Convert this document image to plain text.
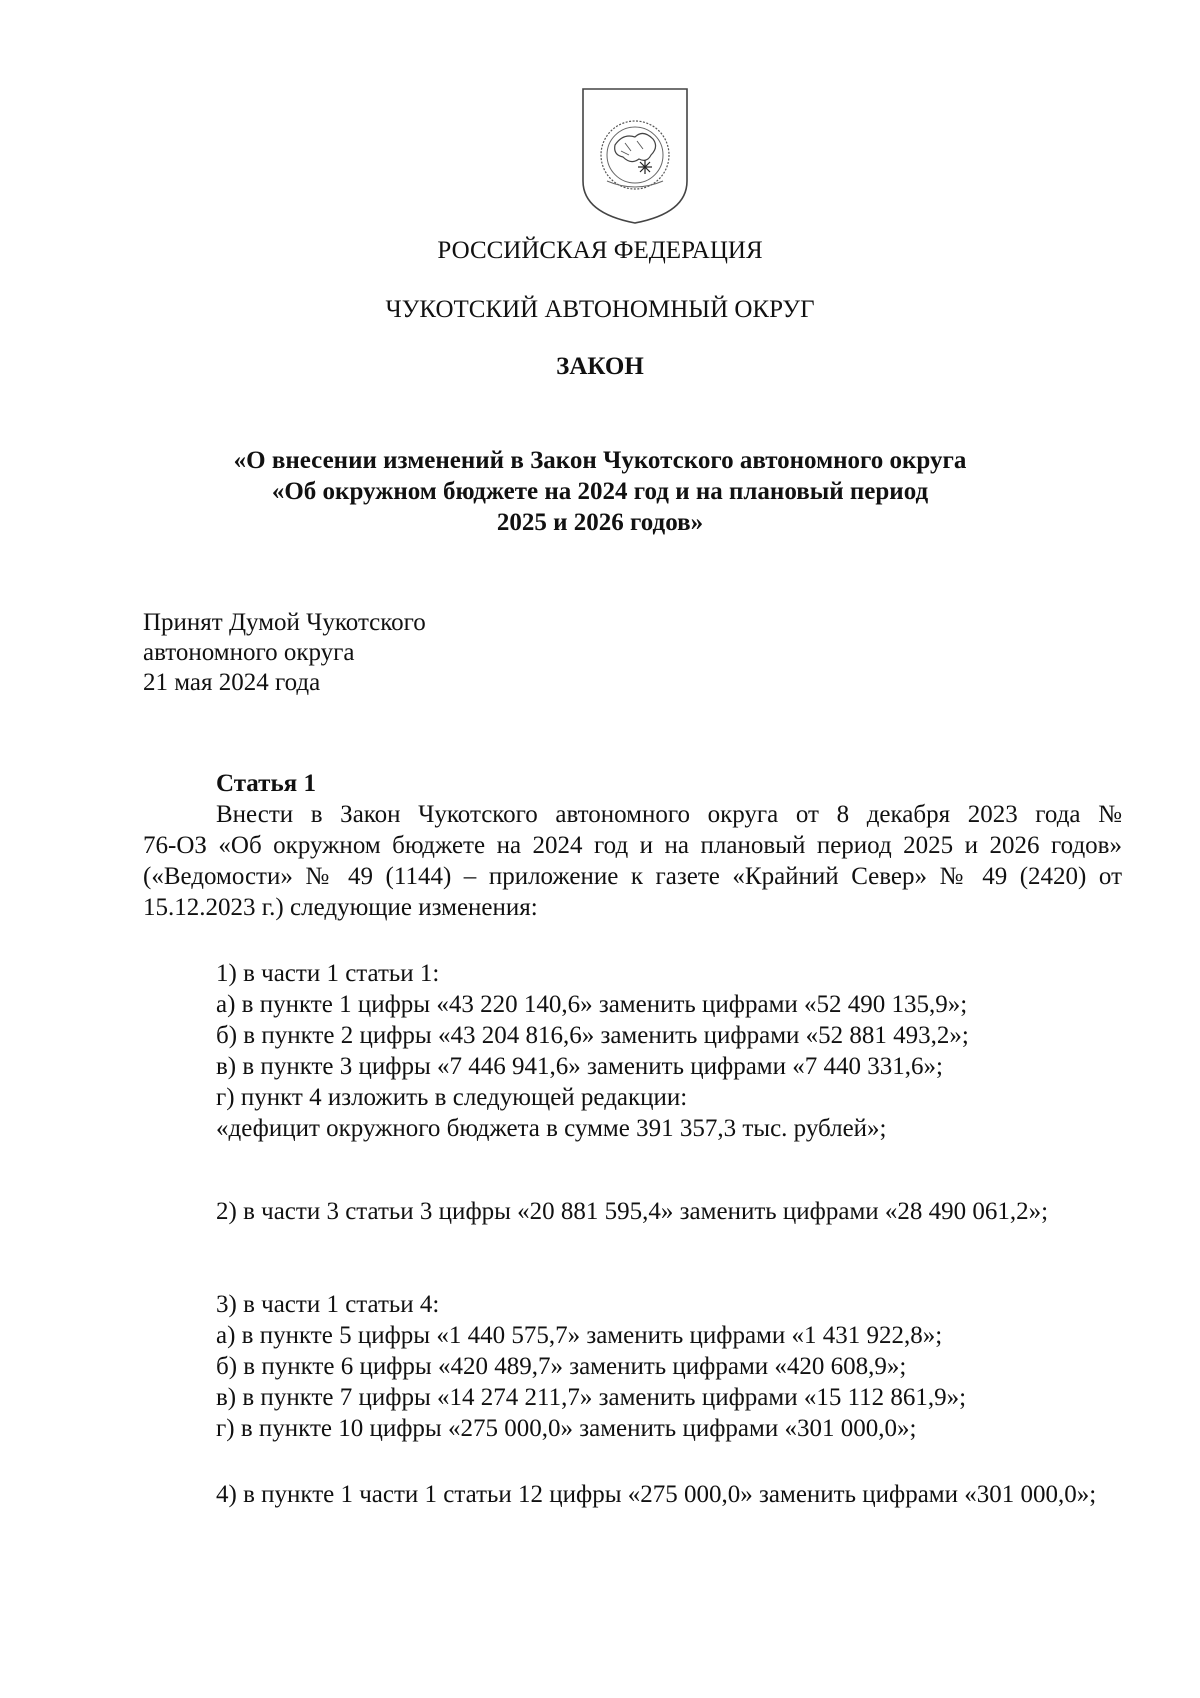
РОССИЙСКАЯ ФЕДЕРАЦИЯ
ЧУКОТСКИЙ АВТОНОМНЫЙ ОКРУГ
ЗАКОН
«О внесении изменений в Закон Чукотского автономного округа
«Об окружном бюджете на 2024 год и на плановый период
2025 и 2026 годов»
Принят Думой Чукотского
автономного округа
21 мая 2024 года

Статья 1

Внести в Закон Чукотского автономного округа от 8 декабря 2023 года №

76-ОЗ «Об окружном бюджете на 2024 год и на плановый период 2025 и 2026 годов» («Ведомости» № 49 (1144) – приложение к газете «Крайний Север» № 49 (2420) от 15.12.2023 г.) следующие изменения:

1) в части 1 статьи 1:

а) в пункте 1 цифры «43 220 140,6» заменить цифрами «52 490 135,9»;

б) в пункте 2 цифры «43 204 816,6» заменить цифрами «52 881 493,2»;

в) в пункте 3 цифры «7 446 941,6» заменить цифрами «7 440 331,6»;

г) пункт 4 изложить в следующей редакции:

«дефицит окружного бюджета в сумме 391 357,3 тыс. рублей»;

2) в части 3 статьи 3 цифры «20 881 595,4» заменить цифрами «28 490 061,2»;

3) в части 1 статьи 4:

а) в пункте 5 цифры «1 440 575,7» заменить цифрами «1 431 922,8»;

б) в пункте 6 цифры «420 489,7» заменить цифрами «420 608,9»;

в) в пункте 7 цифры «14 274 211,7» заменить цифрами «15 112 861,9»;

г) в пункте 10 цифры «275 000,0» заменить цифрами «301 000,0»;

4) в пункте 1 части 1 статьи 12 цифры «275 000,0» заменить цифрами «301 000,0»;
